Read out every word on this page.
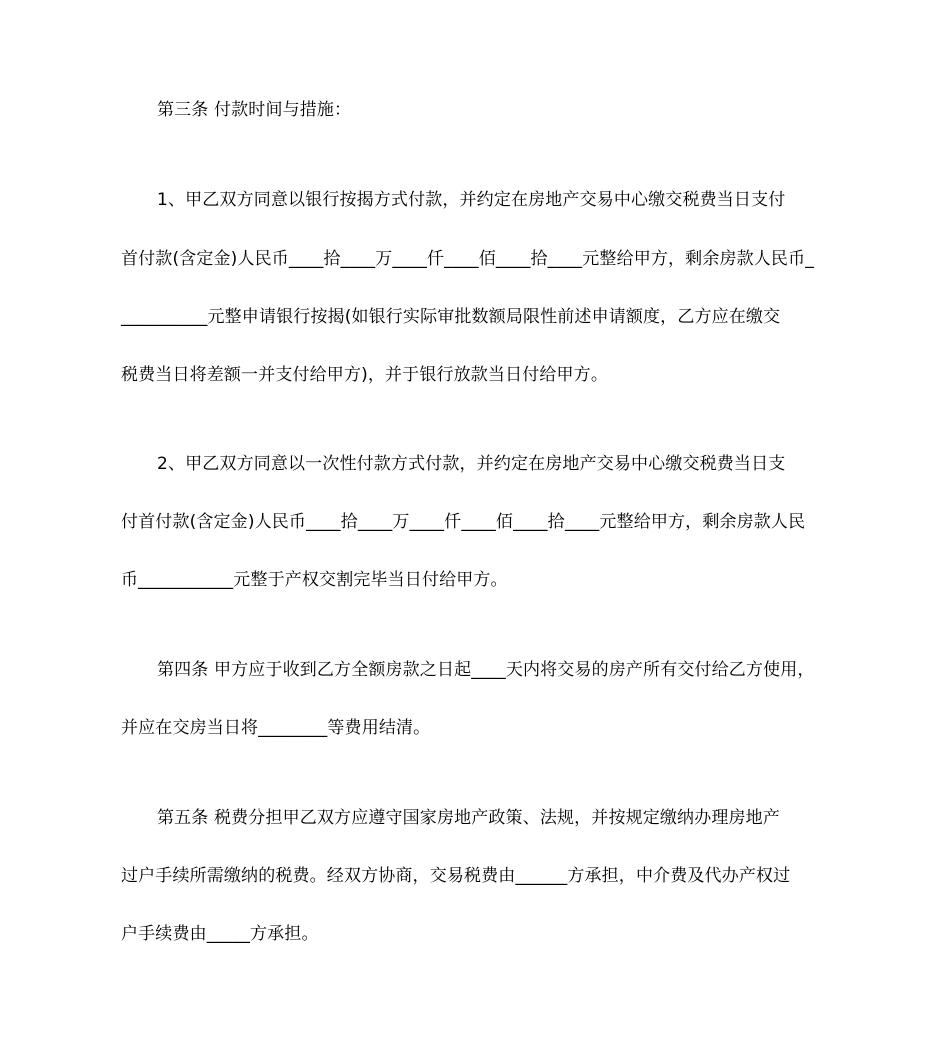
第三条 付款时间与措施：
1、甲乙双方同意以银行按揭方式付款，并约定在房地产交易中心缴交税费当日支付
首付款(含定金)人民币____拾____万____仟____佰____拾____元整给甲方，剩余房款人民币_
__________元整申请银行按揭(如银行实际审批数额局限性前述申请额度，乙方应在缴交
税费当日将差额一并支付给甲方)，并于银行放款当日付给甲方。
2、甲乙双方同意以一次性付款方式付款，并约定在房地产交易中心缴交税费当日支
付首付款(含定金)人民币____拾____万____仟____佰____拾____元整给甲方，剩余房款人民
币___________元整于产权交割完毕当日付给甲方。
第四条 甲方应于收到乙方全额房款之日起____天内将交易的房产所有交付给乙方使用，
并应在交房当日将________等费用结清。
第五条 税费分担甲乙双方应遵守国家房地产政策、法规，并按规定缴纳办理房地产
过户手续所需缴纳的税费。经双方协商，交易税费由______方承担，中介费及代办产权过
户手续费由_____方承担。
